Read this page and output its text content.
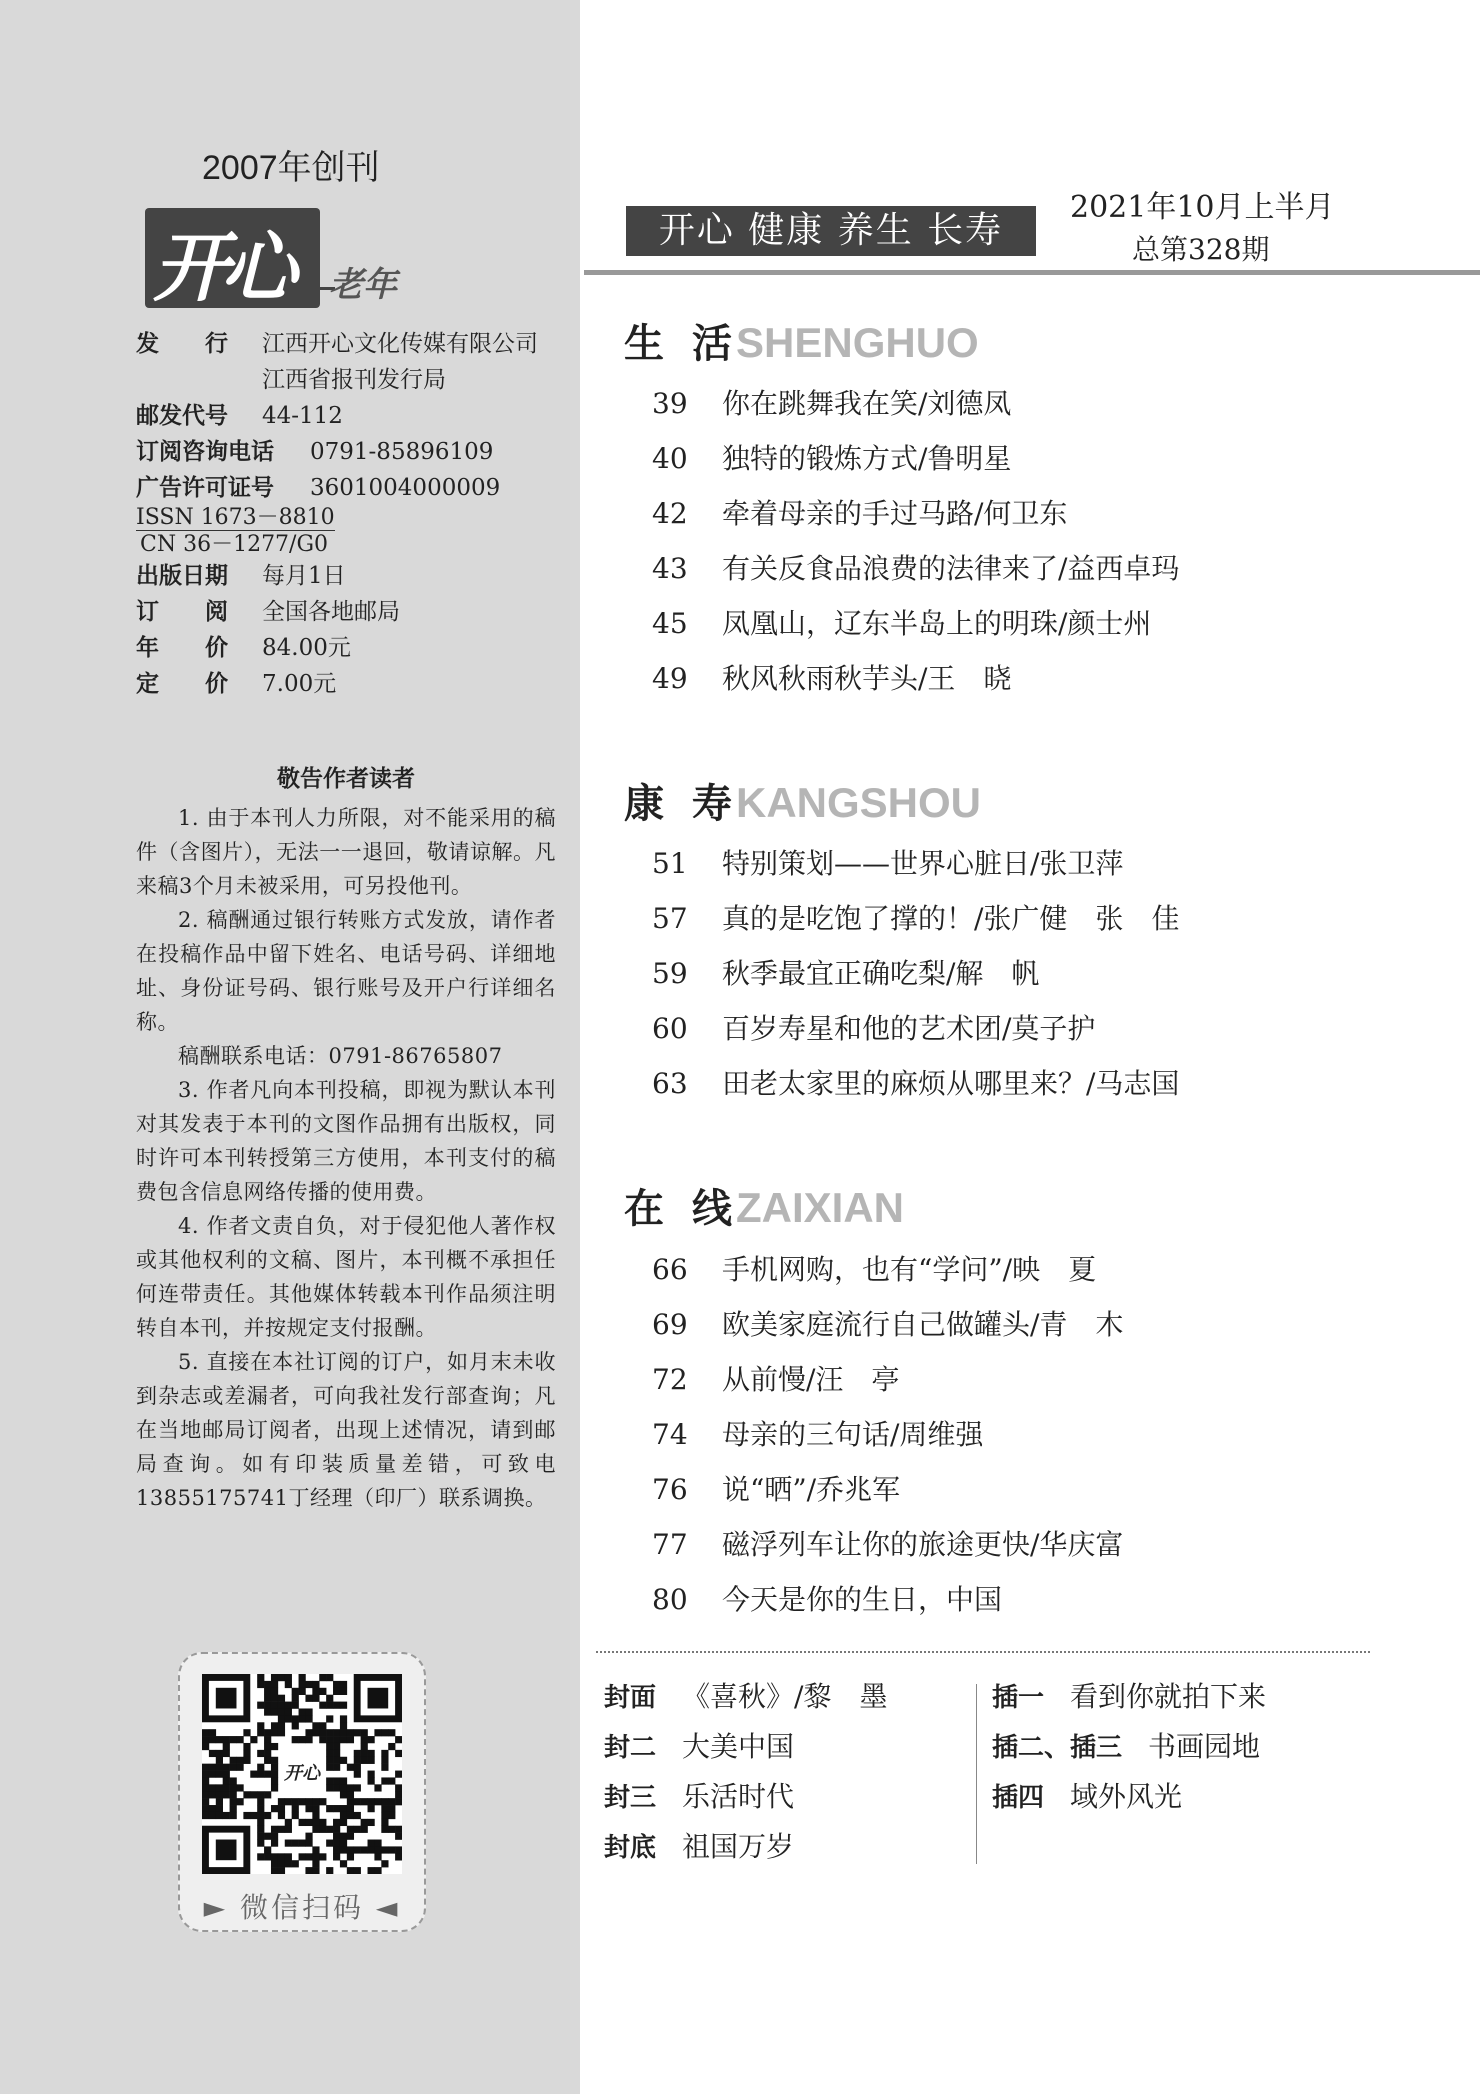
2007年创刊
开心 老年
发　　行 江西开心文化传媒有限公司
江西省报刊发行局
邮发代号 44-112
订阅咨询电话 0791-85896109
广告许可证号 3601004000009
ISSN 1673－8810
CN 36－1277/G0
出版日期 每月1日
订　　阅 全国各地邮局
年　　价 84.00元
定　　价 7.00元
敬告作者读者

1. 由于本刊人力所限，对不能采用的稿件（含图片），无法一一退回，敬请谅解。凡来稿3个月未被采用，可另投他刊。

2. 稿酬通过银行转账方式发放，请作者在投稿作品中留下姓名、电话号码、详细地址、身份证号码、银行账号及开户行详细名称。

稿酬联系电话：0791-86765807

3. 作者凡向本刊投稿，即视为默认本刊对其发表于本刊的文图作品拥有出版权，同时许可本刊转授第三方使用，本刊支付的稿费包含信息网络传播的使用费。

4. 作者文责自负，对于侵犯他人著作权或其他权利的文稿、图片，本刊概不承担任何连带责任。其他媒体转载本刊作品须注明转自本刊，并按规定支付报酬。

5. 直接在本社订阅的订户，如月末未收到杂志或差漏者，可向我社发行部查询；凡在当地邮局订阅者，出现上述情况，请到邮局查询。如有印装质量差错，可致电13855175741丁经理（印厂）联系调换。

开心
► 微信扫码 ◄
开心 健康 养生 长寿
2021年10月上半月
总第328期
生活SHENGHUO
39 你在跳舞我在笑/刘德凤
40 独特的锻炼方式/鲁明星
42 牵着母亲的手过马路/何卫东
43 有关反食品浪费的法律来了/益西卓玛
45 凤凰山，辽东半岛上的明珠/颜士州
49 秋风秋雨秋芋头/王　晓
康寿KANGSHOU
51 特别策划——世界心脏日/张卫萍
57 真的是吃饱了撑的！/张广健　张　佳
59 秋季最宜正确吃梨/解　帆
60 百岁寿星和他的艺术团/莫子护
63 田老太家里的麻烦从哪里来？/马志国
在线ZAIXIAN
66 手机网购，也有“学问”/映　夏
69 欧美家庭流行自己做罐头/青　木
72 从前慢/汪　亭
74 母亲的三句话/周维强
76 说“晒”/乔兆军
77 磁浮列车让你的旅途更快/华庆富
80 今天是你的生日，中国
封面 《喜秋》/黎　墨
封二 大美中国
封三 乐活时代
封底 祖国万岁
插一 看到你就拍下来
插二、插三 书画园地
插四 域外风光
